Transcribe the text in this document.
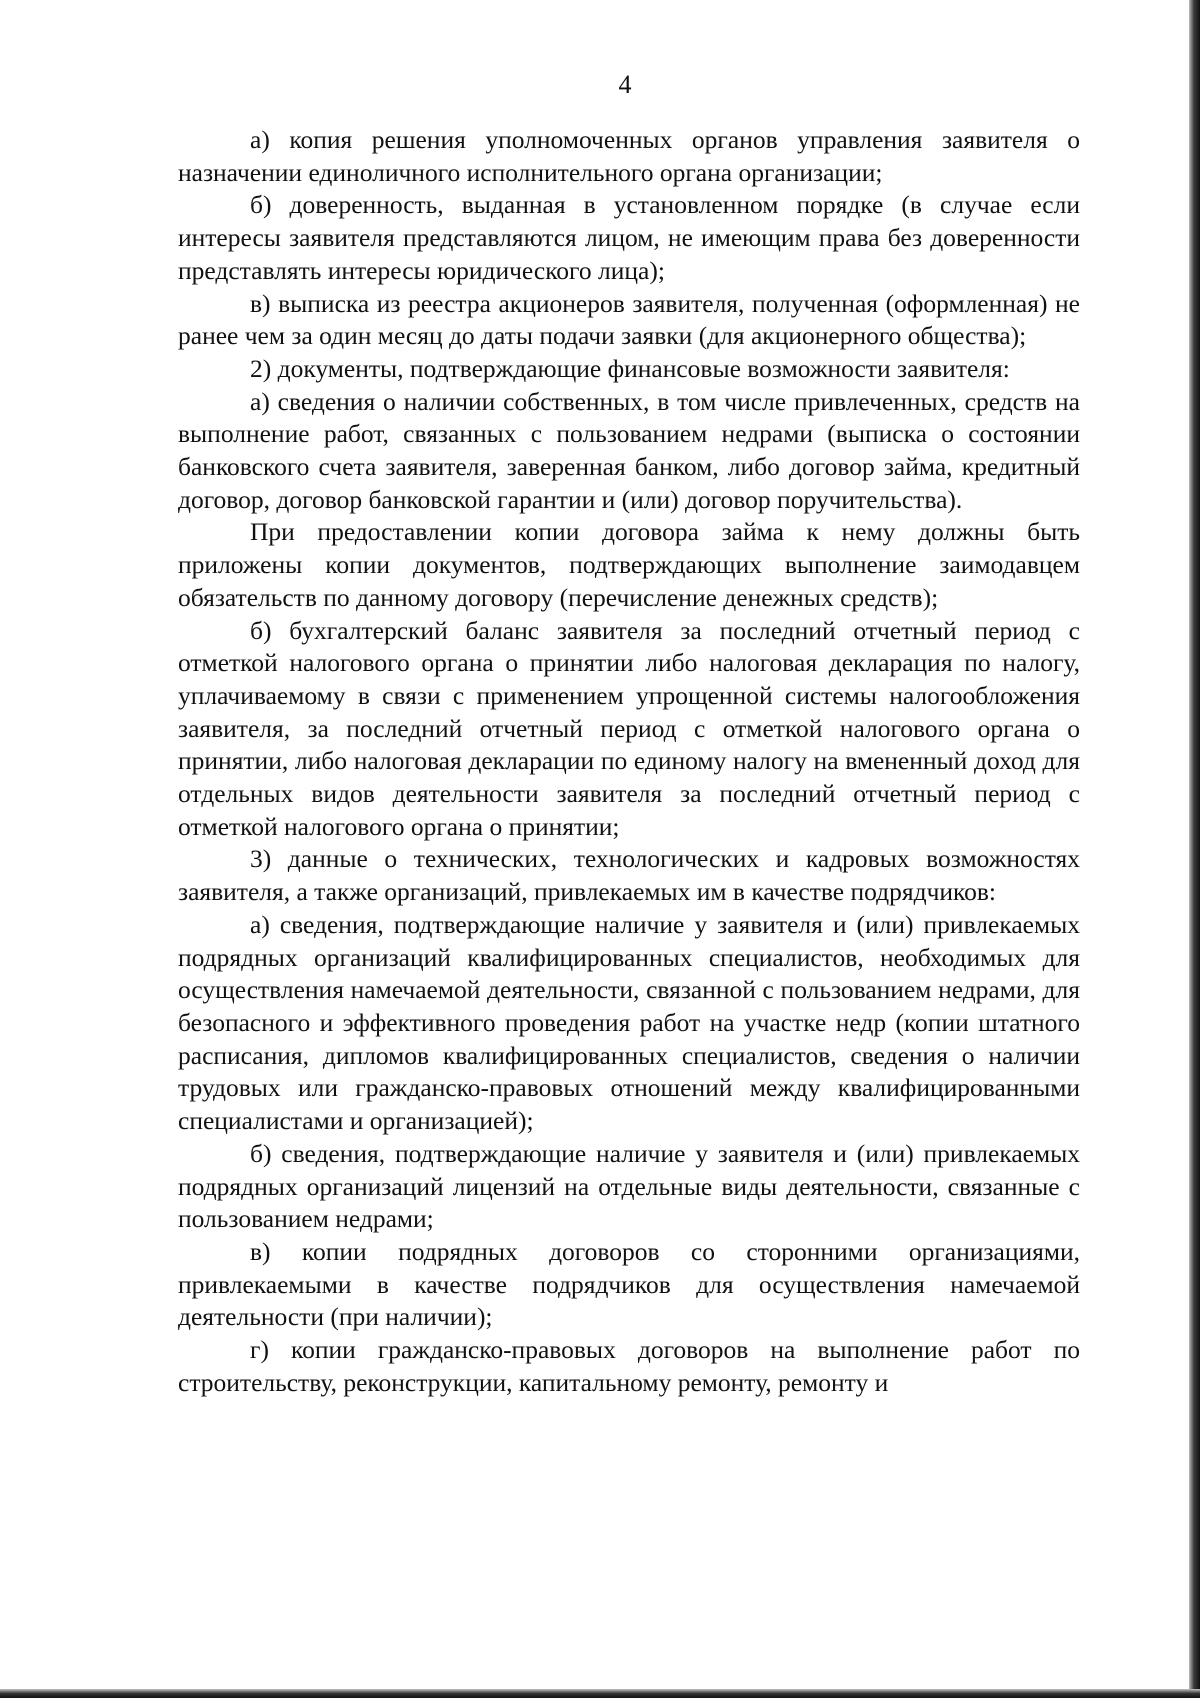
4

а) копия решения уполномоченных органов управления заявителя о назначении единоличного исполнительного органа организации;

б) доверенность, выданная в установленном порядке (в случае если интересы заявителя представляются лицом, не имеющим права без доверенности представлять интересы юридического лица);

в) выписка из реестра акционеров заявителя, полученная (оформленная) не ранее чем за один месяц до даты подачи заявки (для акционерного общества);

2) документы, подтверждающие финансовые возможности заявителя:

а) сведения о наличии собственных, в том числе привлеченных, средств на выполнение работ, связанных с пользованием недрами (выписка о состоянии банковского счета заявителя, заверенная банком, либо договор займа, кредитный договор, договор банковской гарантии и (или) договор поручительства).

При предоставлении копии договора займа к нему должны быть приложены копии документов, подтверждающих выполнение заимодавцем обязательств по данному договору (перечисление денежных средств);

б) бухгалтерский баланс заявителя за последний отчетный период с отметкой налогового органа о принятии либо налоговая декларация по налогу, уплачиваемому в связи с применением упрощенной системы налогообложения заявителя, за последний отчетный период с отметкой налогового органа о принятии, либо налоговая декларации по единому налогу на вмененный доход для отдельных видов деятельности заявителя за последний отчетный период с отметкой налогового органа о принятии;

3) данные о технических, технологических и кадровых возможностях заявителя, а также организаций, привлекаемых им в качестве подрядчиков:

а) сведения, подтверждающие наличие у заявителя и (или) привлекаемых подрядных организаций квалифицированных специалистов, необходимых для осуществления намечаемой деятельности, связанной с пользованием недрами, для безопасного и эффективного проведения работ на участке недр (копии штатного расписания, дипломов квалифицированных специалистов, сведения о наличии трудовых или гражданско-правовых отношений между квалифицированными специалистами и организацией);

б) сведения, подтверждающие наличие у заявителя и (или) привлекаемых подрядных организаций лицензий на отдельные виды деятельности, связанные с пользованием недрами;

в) копии подрядных договоров со сторонними организациями, привлекаемыми в качестве подрядчиков для осуществления намечаемой деятельности (при наличии);

г) копии гражданско-правовых договоров на выполнение работ по строительству, реконструкции, капитальному ремонту, ремонту и
